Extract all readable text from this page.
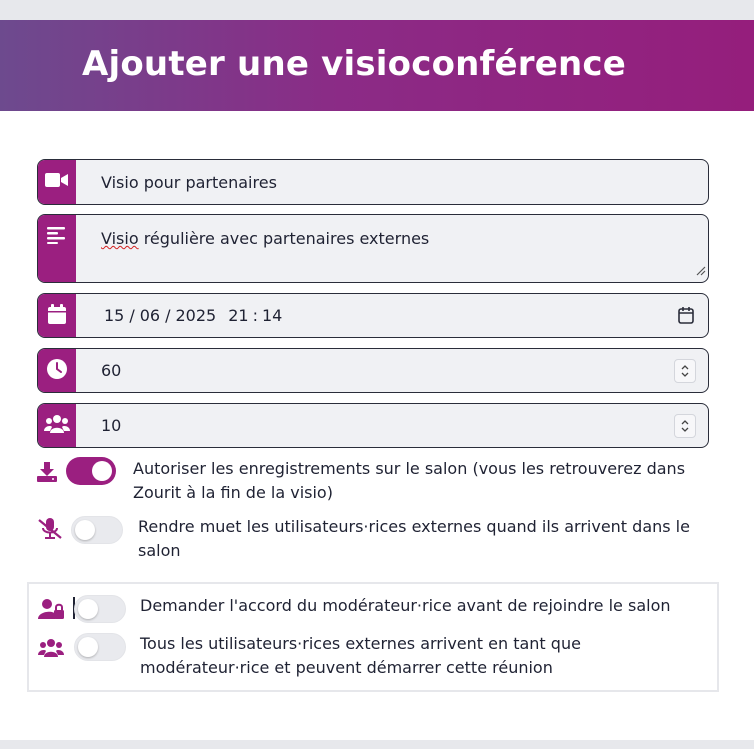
Ajouter une visioconférence
Visio pour partenaires
Visio régulière avec partenaires externes
15 / 06 / 2025 21 : 14
60
10
Autoriser les enregistrements sur le salon (vous les retrouverez dans
Zourit à la fin de la visio)
Rendre muet les utilisateurs·rices externes quand ils arrivent dans le
salon
Demander l'accord du modérateur·rice avant de rejoindre le salon
Tous les utilisateurs·rices externes arrivent en tant que
modérateur·rice et peuvent démarrer cette réunion
